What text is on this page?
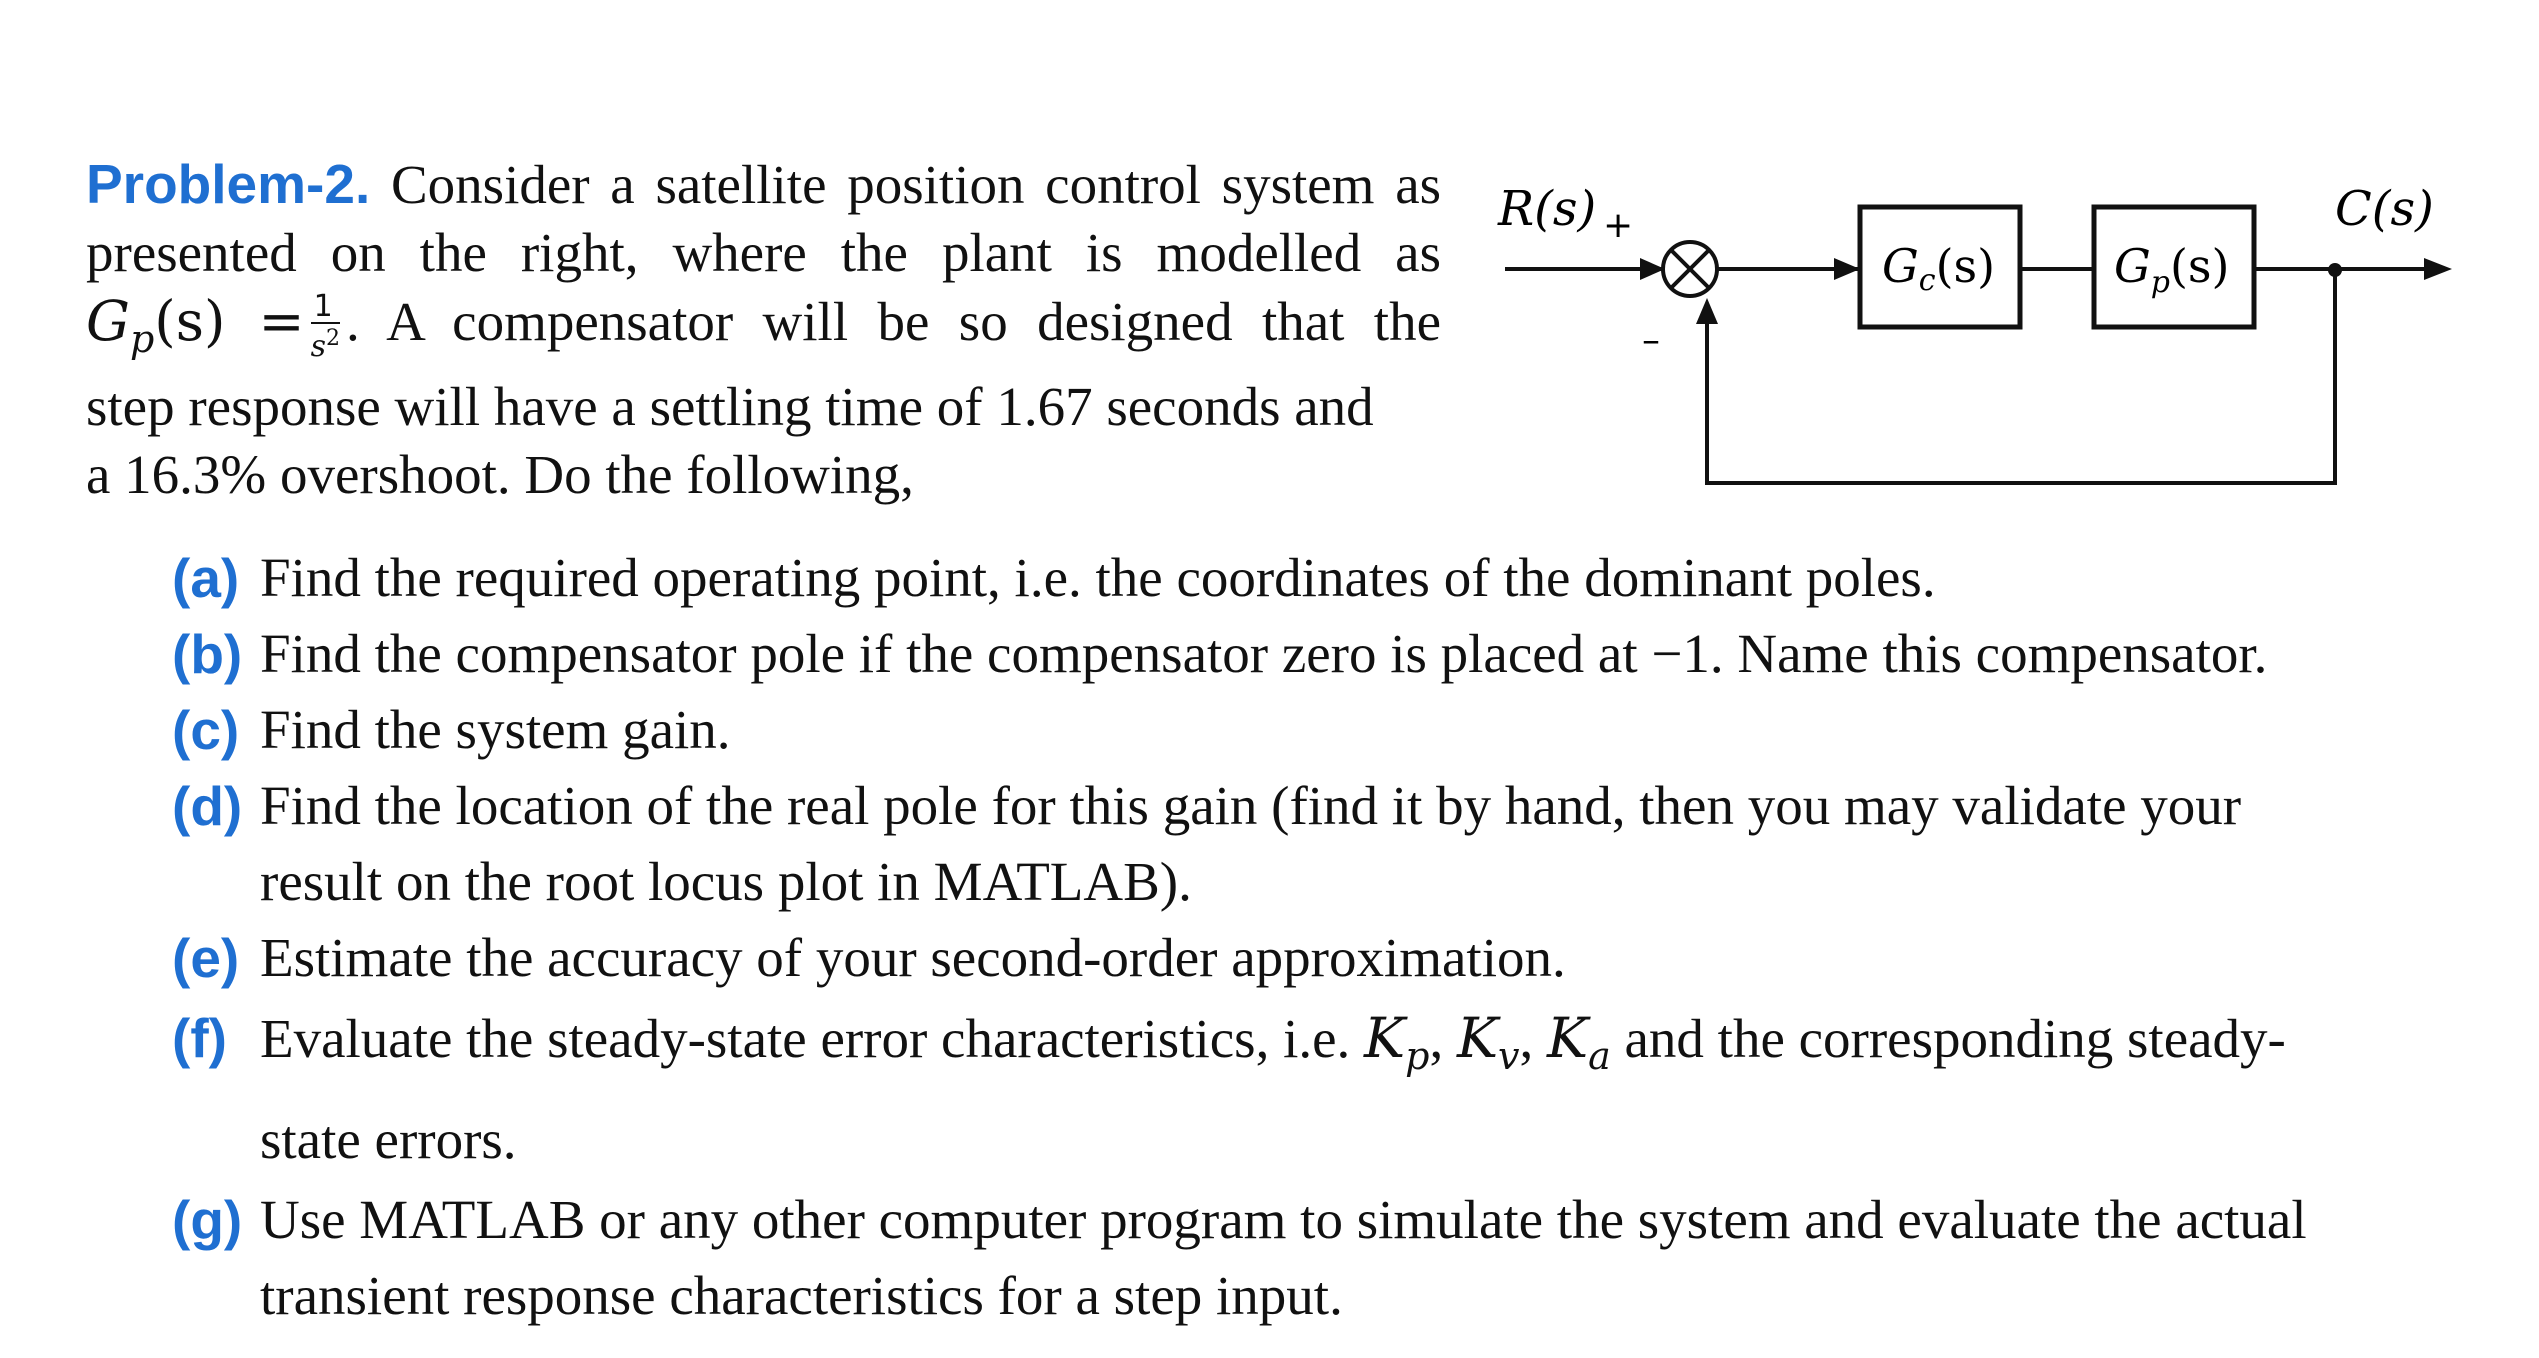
Problem-2. Consider a satellite position control system as
presented on the right, where the plant is modelled as
$G_p(s) = \frac{1}{s^2}$ . A compensator will be so designed that the
step response will have a settling time of 1.67 seconds and
a 16.3% overshoot. Do the following,
R(s) +
–
C(s)
Gc(s)	$G_p(s)$
(a) Find the required operating point, i.e. the coordinates of the dominant poles.
(b) Find the compensator pole if the compensator zero is placed at −1. Name this compensator.
(c) Find the system gain.
(d) Find the location of the real pole for this gain (find it by hand, then you may validate your
result on the root locus plot in MATLAB).
(e) Estimate the accuracy of your second-order approximation.
(f) Evaluate the steady-state error characteristics, i.e. $K_p$, $K_v$, $K_a$ and the corresponding steady-
state errors.
(g) Use MATLAB or any other computer program to simulate the system and evaluate the actual
transient response characteristics for a step input.
